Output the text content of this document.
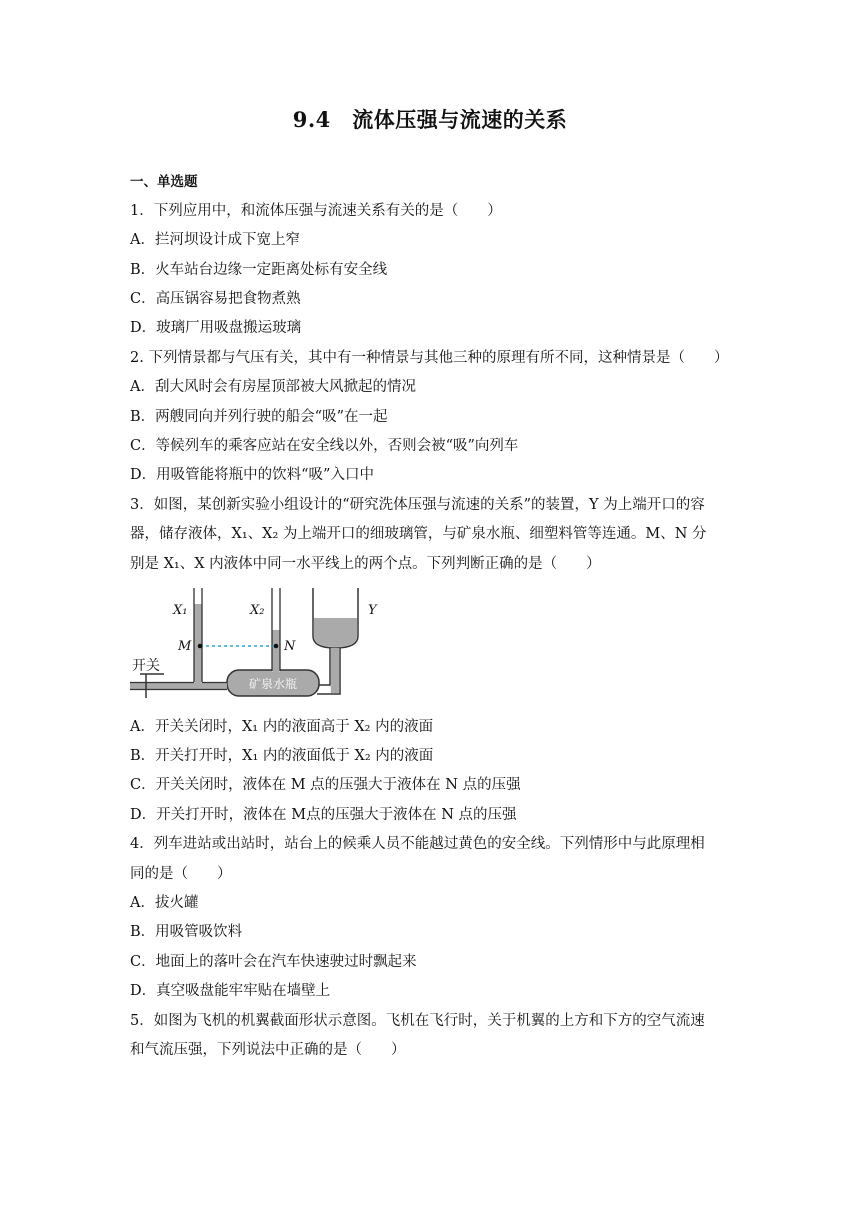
9.4　流体压强与流速的关系
一、单选题
1．下列应用中，和流体压强与流速关系有关的是（　　）
A．拦河坝设计成下宽上窄
B．火车站台边缘一定距离处标有安全线
C．高压锅容易把食物煮熟
D．玻璃厂用吸盘搬运玻璃
2. 下列情景都与气压有关，其中有一种情景与其他三种的原理有所不同，这种情景是（　　）
A．刮大风时会有房屋顶部被大风掀起的情况
B．两艘同向并列行驶的船会“吸”在一起
C．等候列车的乘客应站在安全线以外，否则会被“吸”向列车
D．用吸管能将瓶中的饮料“吸”入口中
3．如图，某创新实验小组设计的“研究洗体压强与流速的关系”的装置，Y 为上端开口的容
器，储存液体，X₁、X₂ 为上端开口的细玻璃管，与矿泉水瓶、细塑料管等连通。M、N 分
别是 X₁、X 内液体中同一水平线上的两个点。下列判断正确的是（　　）
矿泉水瓶
开关
X₁	X₂	Y
M	N
A．开关关闭时，X₁ 内的液面高于 X₂ 内的液面
B．开关打开时，X₁ 内的液面低于 X₂ 内的液面
C．开关关闭时，液体在 M 点的压强大于液体在 N 点的压强
D．开关打开时，液体在 M点的压强大于液体在 N 点的压强
4．列车进站或出站时，站台上的候乘人员不能越过黄色的安全线。下列情形中与此原理相
同的是（　　）
A．拔火罐
B．用吸管吸饮料
C．地面上的落叶会在汽车快速驶过时飘起来
D．真空吸盘能牢牢贴在墙壁上
5．如图为飞机的机翼截面形状示意图。飞机在飞行时，关于机翼的上方和下方的空气流速
和气流压强，下列说法中正确的是（　　）
